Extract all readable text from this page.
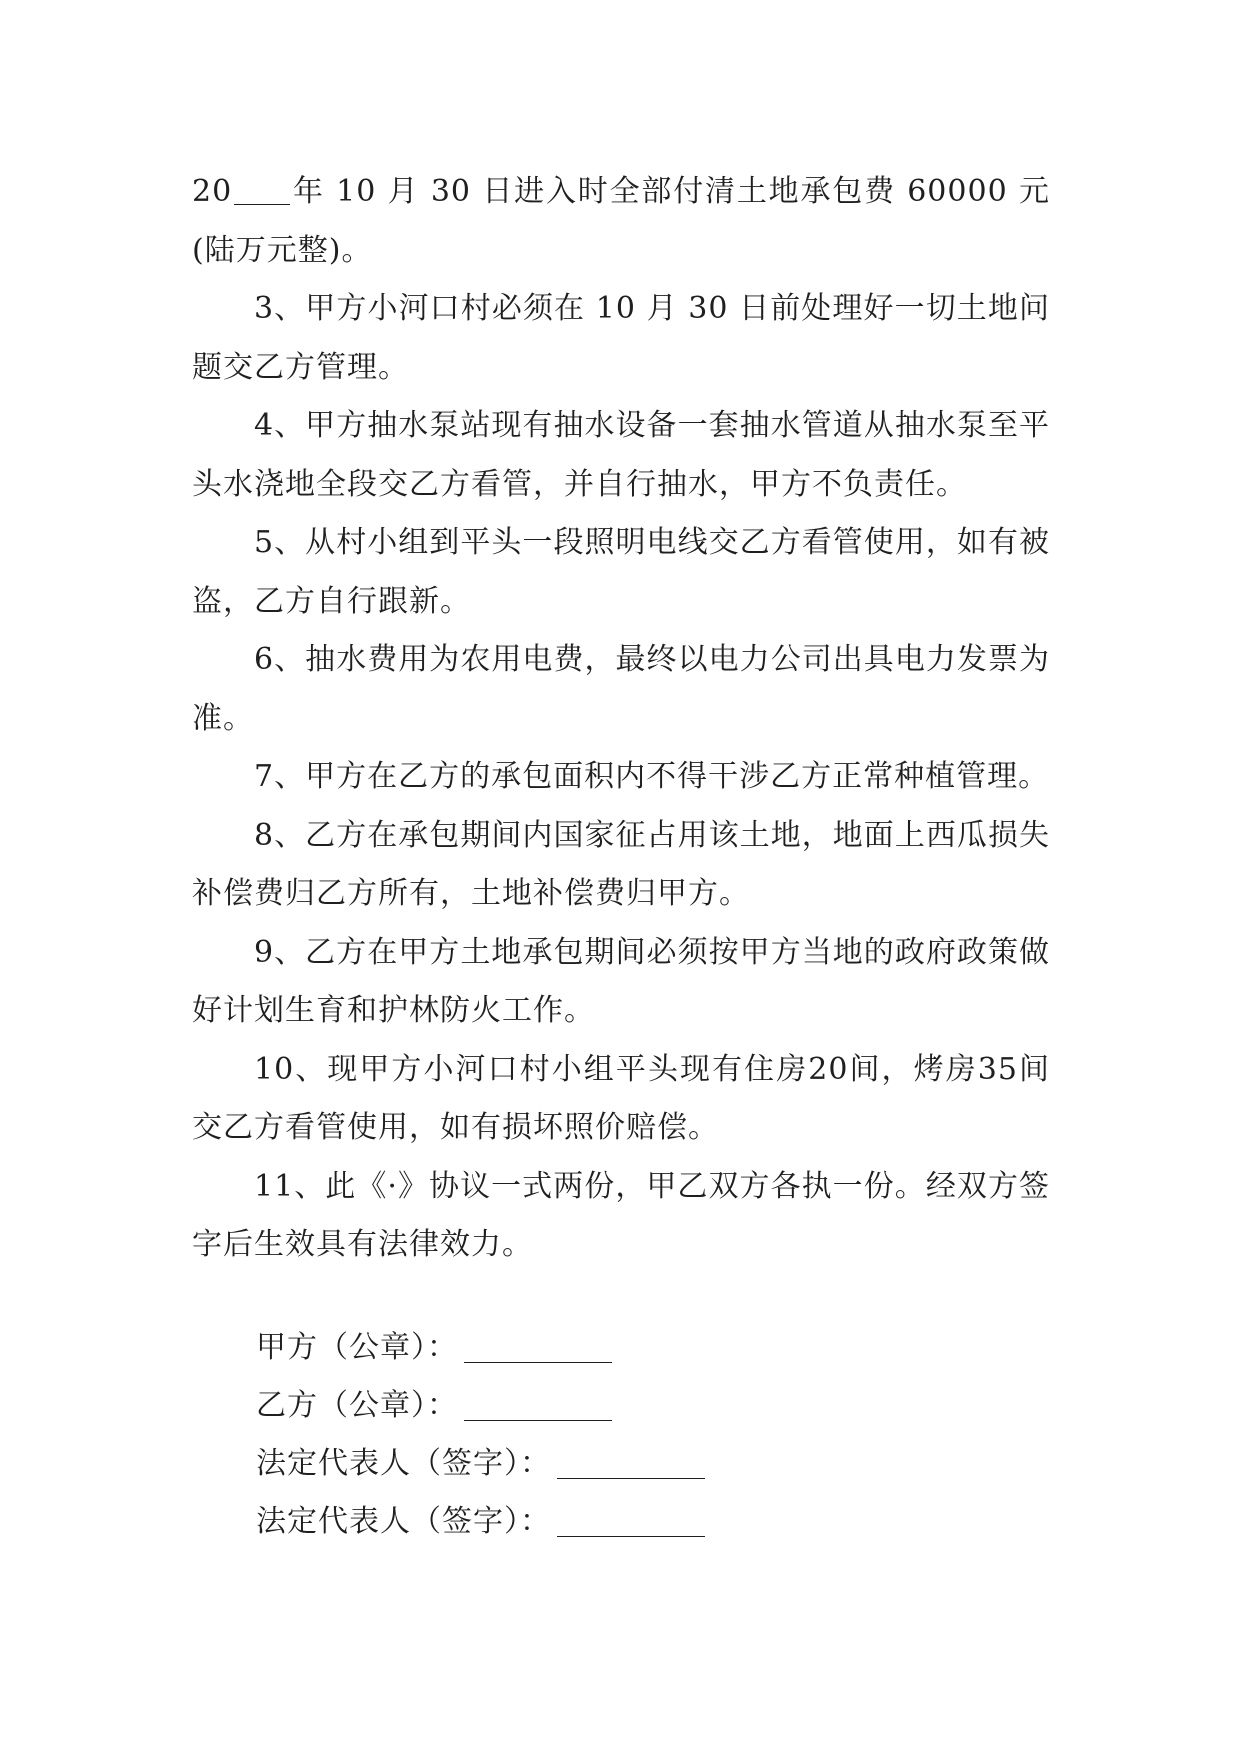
20 年 10 月 30 日进入时全部付清土地承包费 60000 元(陆万元整)。

3、甲方小河口村必须在 10 月 30 日前处理好一切土地问题交乙方管理。

4、甲方抽水泵站现有抽水设备一套抽水管道从抽水泵至平头水浇地全段交乙方看管，并自行抽水，甲方不负责任。

5、从村小组到平头一段照明电线交乙方看管使用，如有被盗，乙方自行跟新。

6、抽水费用为农用电费，最终以电力公司出具电力发票为准。

7、甲方在乙方的承包面积内不得干涉乙方正常种植管理。

8、乙方在承包期间内国家征占用该土地，地面上西瓜损失补偿费归乙方所有，土地补偿费归甲方。

9、乙方在甲方土地承包期间必须按甲方当地的政府政策做好计划生育和护林防火工作。

10、现甲方小河口村小组平头现有住房20间，烤房35间交乙方看管使用，如有损坏照价赔偿。

11、此《·》协议一式两份，甲乙双方各执一份。经双方签字后生效具有法律效力。

甲方（公章）：
乙方（公章）：
法定代表人（签字）：
法定代表人（签字）：
